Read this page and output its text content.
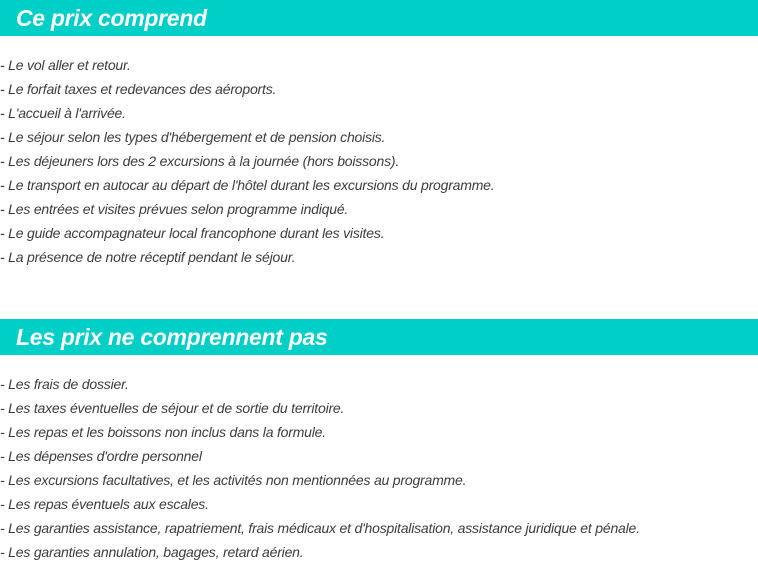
Ce prix comprend
- Le vol aller et retour.
- Le forfait taxes et redevances des aéroports.
- L'accueil à l'arrivée.
- Le séjour selon les types d'hébergement et de pension choisis.
- Les déjeuners lors des 2 excursions à la journée (hors boissons).
- Le transport en autocar au départ de l'hôtel durant les excursions du programme.
- Les entrées et visites prévues selon programme indiqué.
- Le guide accompagnateur local francophone durant les visites.
- La présence de notre réceptif pendant le séjour.
Les prix ne comprennent pas
- Les frais de dossier.
- Les taxes éventuelles de séjour et de sortie du territoire.
- Les repas et les boissons non inclus dans la formule.
- Les dépenses d'ordre personnel
- Les excursions facultatives, et les activités non mentionnées au programme.
- Les repas éventuels aux escales.
- Les garanties assistance, rapatriement, frais médicaux et d'hospitalisation, assistance juridique et pénale.
- Les garanties annulation, bagages, retard aérien.
